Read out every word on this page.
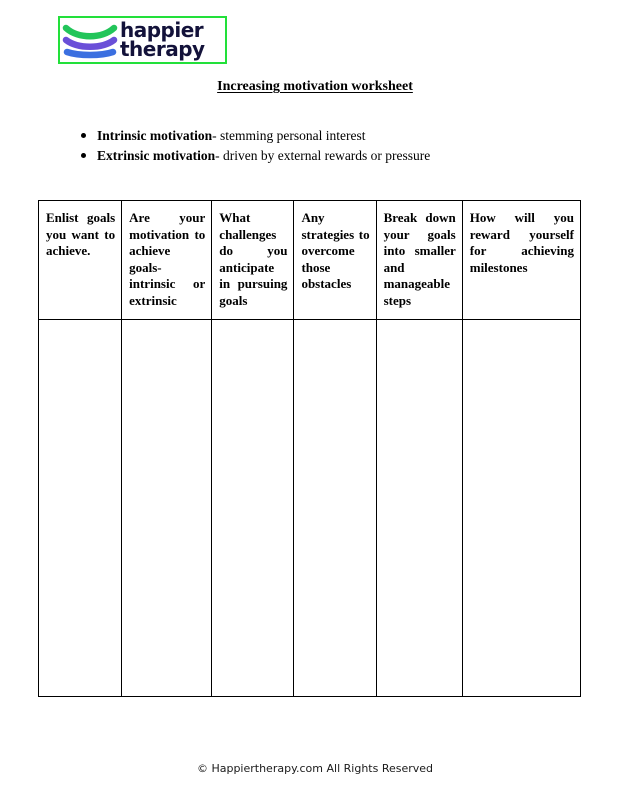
happier
therapy
Increasing motivation worksheet
Intrinsic motivation- stemming personal interest
Extrinsic motivation- driven by external rewards or pressure
Enlist goals you want to achieve.	Are your motivation to achieve goals- intrinsic or extrinsic	What challenges do you anticipate in pursuing goals	Any strategies to overcome those obstacles	Break down your goals into smaller and manageable steps	How will you reward yourself for achieving milestones

© Happiertherapy.com All Rights Reserved
